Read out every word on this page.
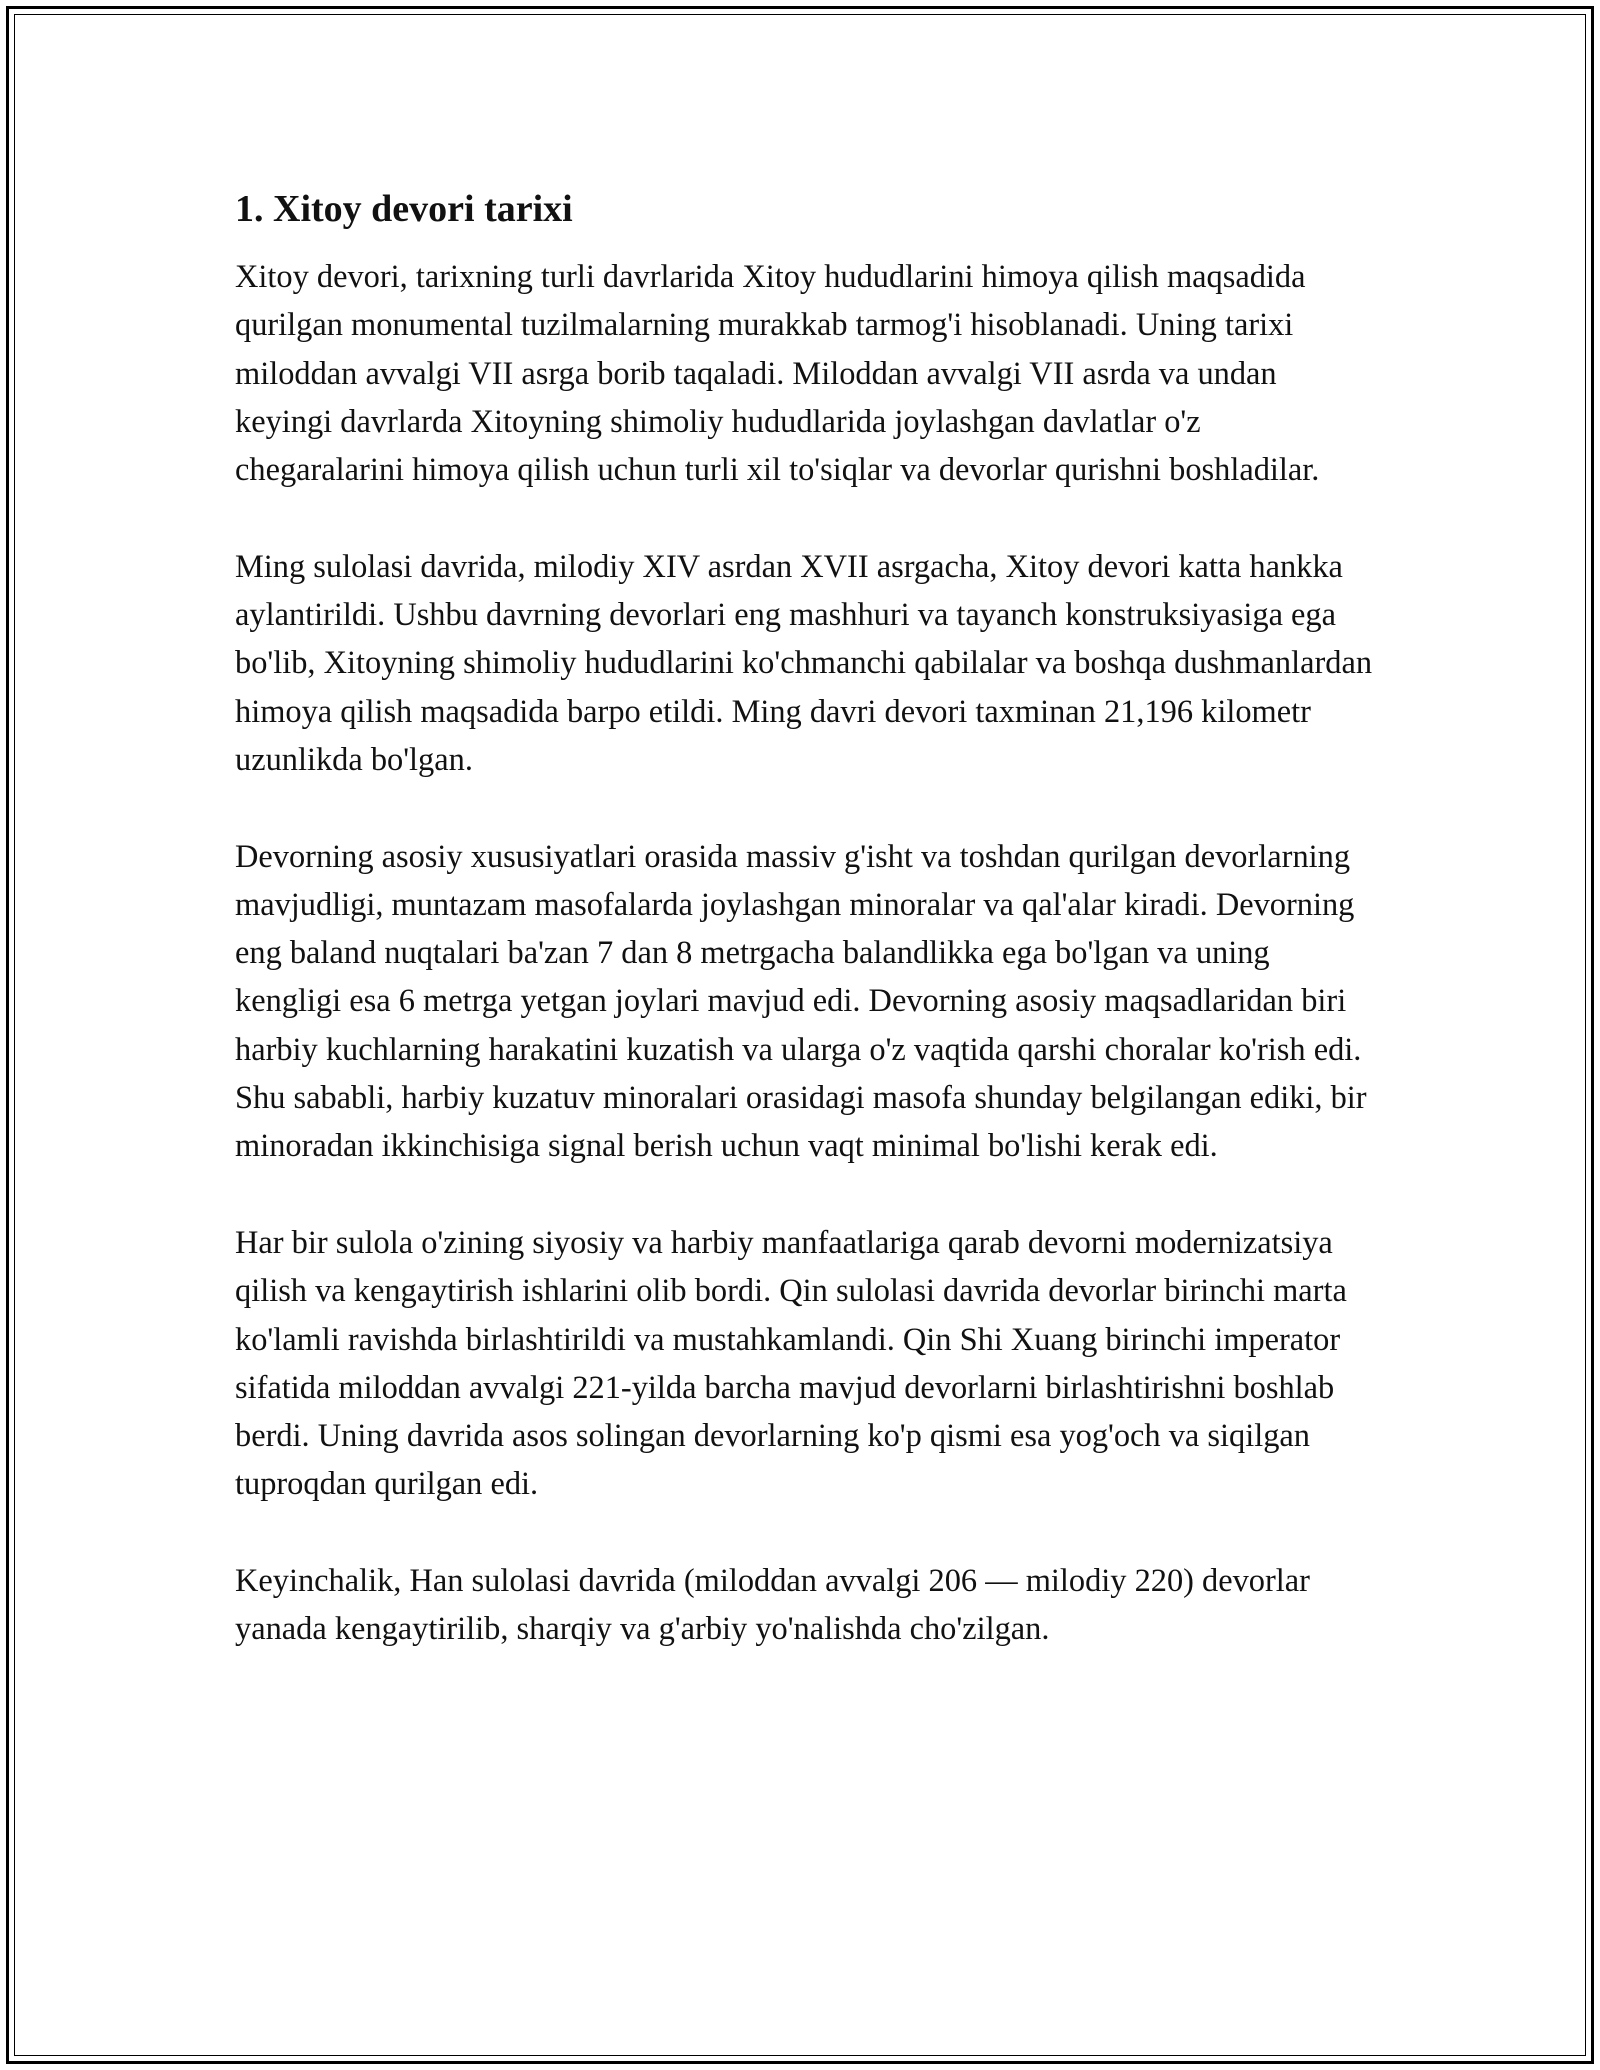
1. Xitoy devori tarixi

Xitoy devori, tarixning turli davrlarida Xitoy hududlarini himoya qilish maqsadida qurilgan monumental tuzilmalarning murakkab tarmog'i hisoblanadi. Uning tarixi miloddan avvalgi VII asrga borib taqaladi. Miloddan avvalgi VII asrda va undan keyingi davrlarda Xitoyning shimoliy hududlarida joylashgan davlatlar o'z chegaralarini himoya qilish uchun turli xil to'siqlar va devorlar qurishni boshladilar.

Ming sulolasi davrida, milodiy XIV asrdan XVII asrgacha, Xitoy devori katta hankka aylantirildi. Ushbu davrning devorlari eng mashhuri va tayanch konstruksiyasiga ega bo'lib, Xitoyning shimoliy hududlarini ko'chmanchi qabilalar va boshqa dushmanlardan himoya qilish maqsadida barpo etildi. Ming davri devori taxminan 21,196 kilometr uzunlikda bo'lgan.

Devorning asosiy xususiyatlari orasida massiv g'isht va toshdan qurilgan devorlarning mavjudligi, muntazam masofalarda joylashgan minoralar va qal'alar kiradi. Devorning eng baland nuqtalari ba'zan 7 dan 8 metrgacha balandlikka ega bo'lgan va uning kengligi esa 6 metrga yetgan joylari mavjud edi. Devorning asosiy maqsadlaridan biri harbiy kuchlarning harakatini kuzatish va ularga o'z vaqtida qarshi choralar ko'rish edi. Shu sababli, harbiy kuzatuv minoralari orasidagi masofa shunday belgilangan ediki, bir minoradan ikkinchisiga signal berish uchun vaqt minimal bo'lishi kerak edi.

Har bir sulola o'zining siyosiy va harbiy manfaatlariga qarab devorni modernizatsiya qilish va kengaytirish ishlarini olib bordi. Qin sulolasi davrida devorlar birinchi marta ko'lamli ravishda birlashtirildi va mustahkamlandi. Qin Shi Xuang birinchi imperator sifatida miloddan avvalgi 221-yilda barcha mavjud devorlarni birlashtirishni boshlab berdi. Uning davrida asos solingan devorlarning ko'p qismi esa yog'och va siqilgan tuproqdan qurilgan edi.

Keyinchalik, Han sulolasi davrida (miloddan avvalgi 206 — milodiy 220) devorlar yanada kengaytirilib, sharqiy va g'arbiy yo'nalishda cho'zilgan.
